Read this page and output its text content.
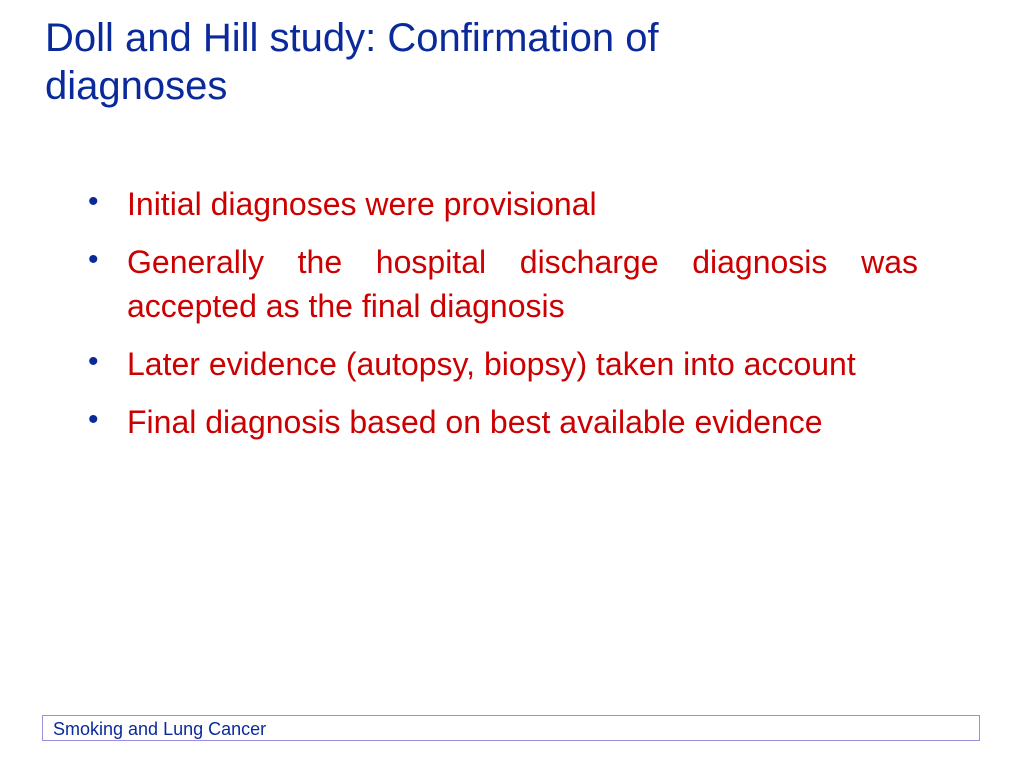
Doll and Hill study: Confirmation of diagnoses
• Initial diagnoses were provisional
• Generally the hospital discharge diagnosis was accepted as the final diagnosis
• Later evidence (autopsy, biopsy) taken into account
• Final diagnosis based on best available evidence
Smoking and Lung Cancer
